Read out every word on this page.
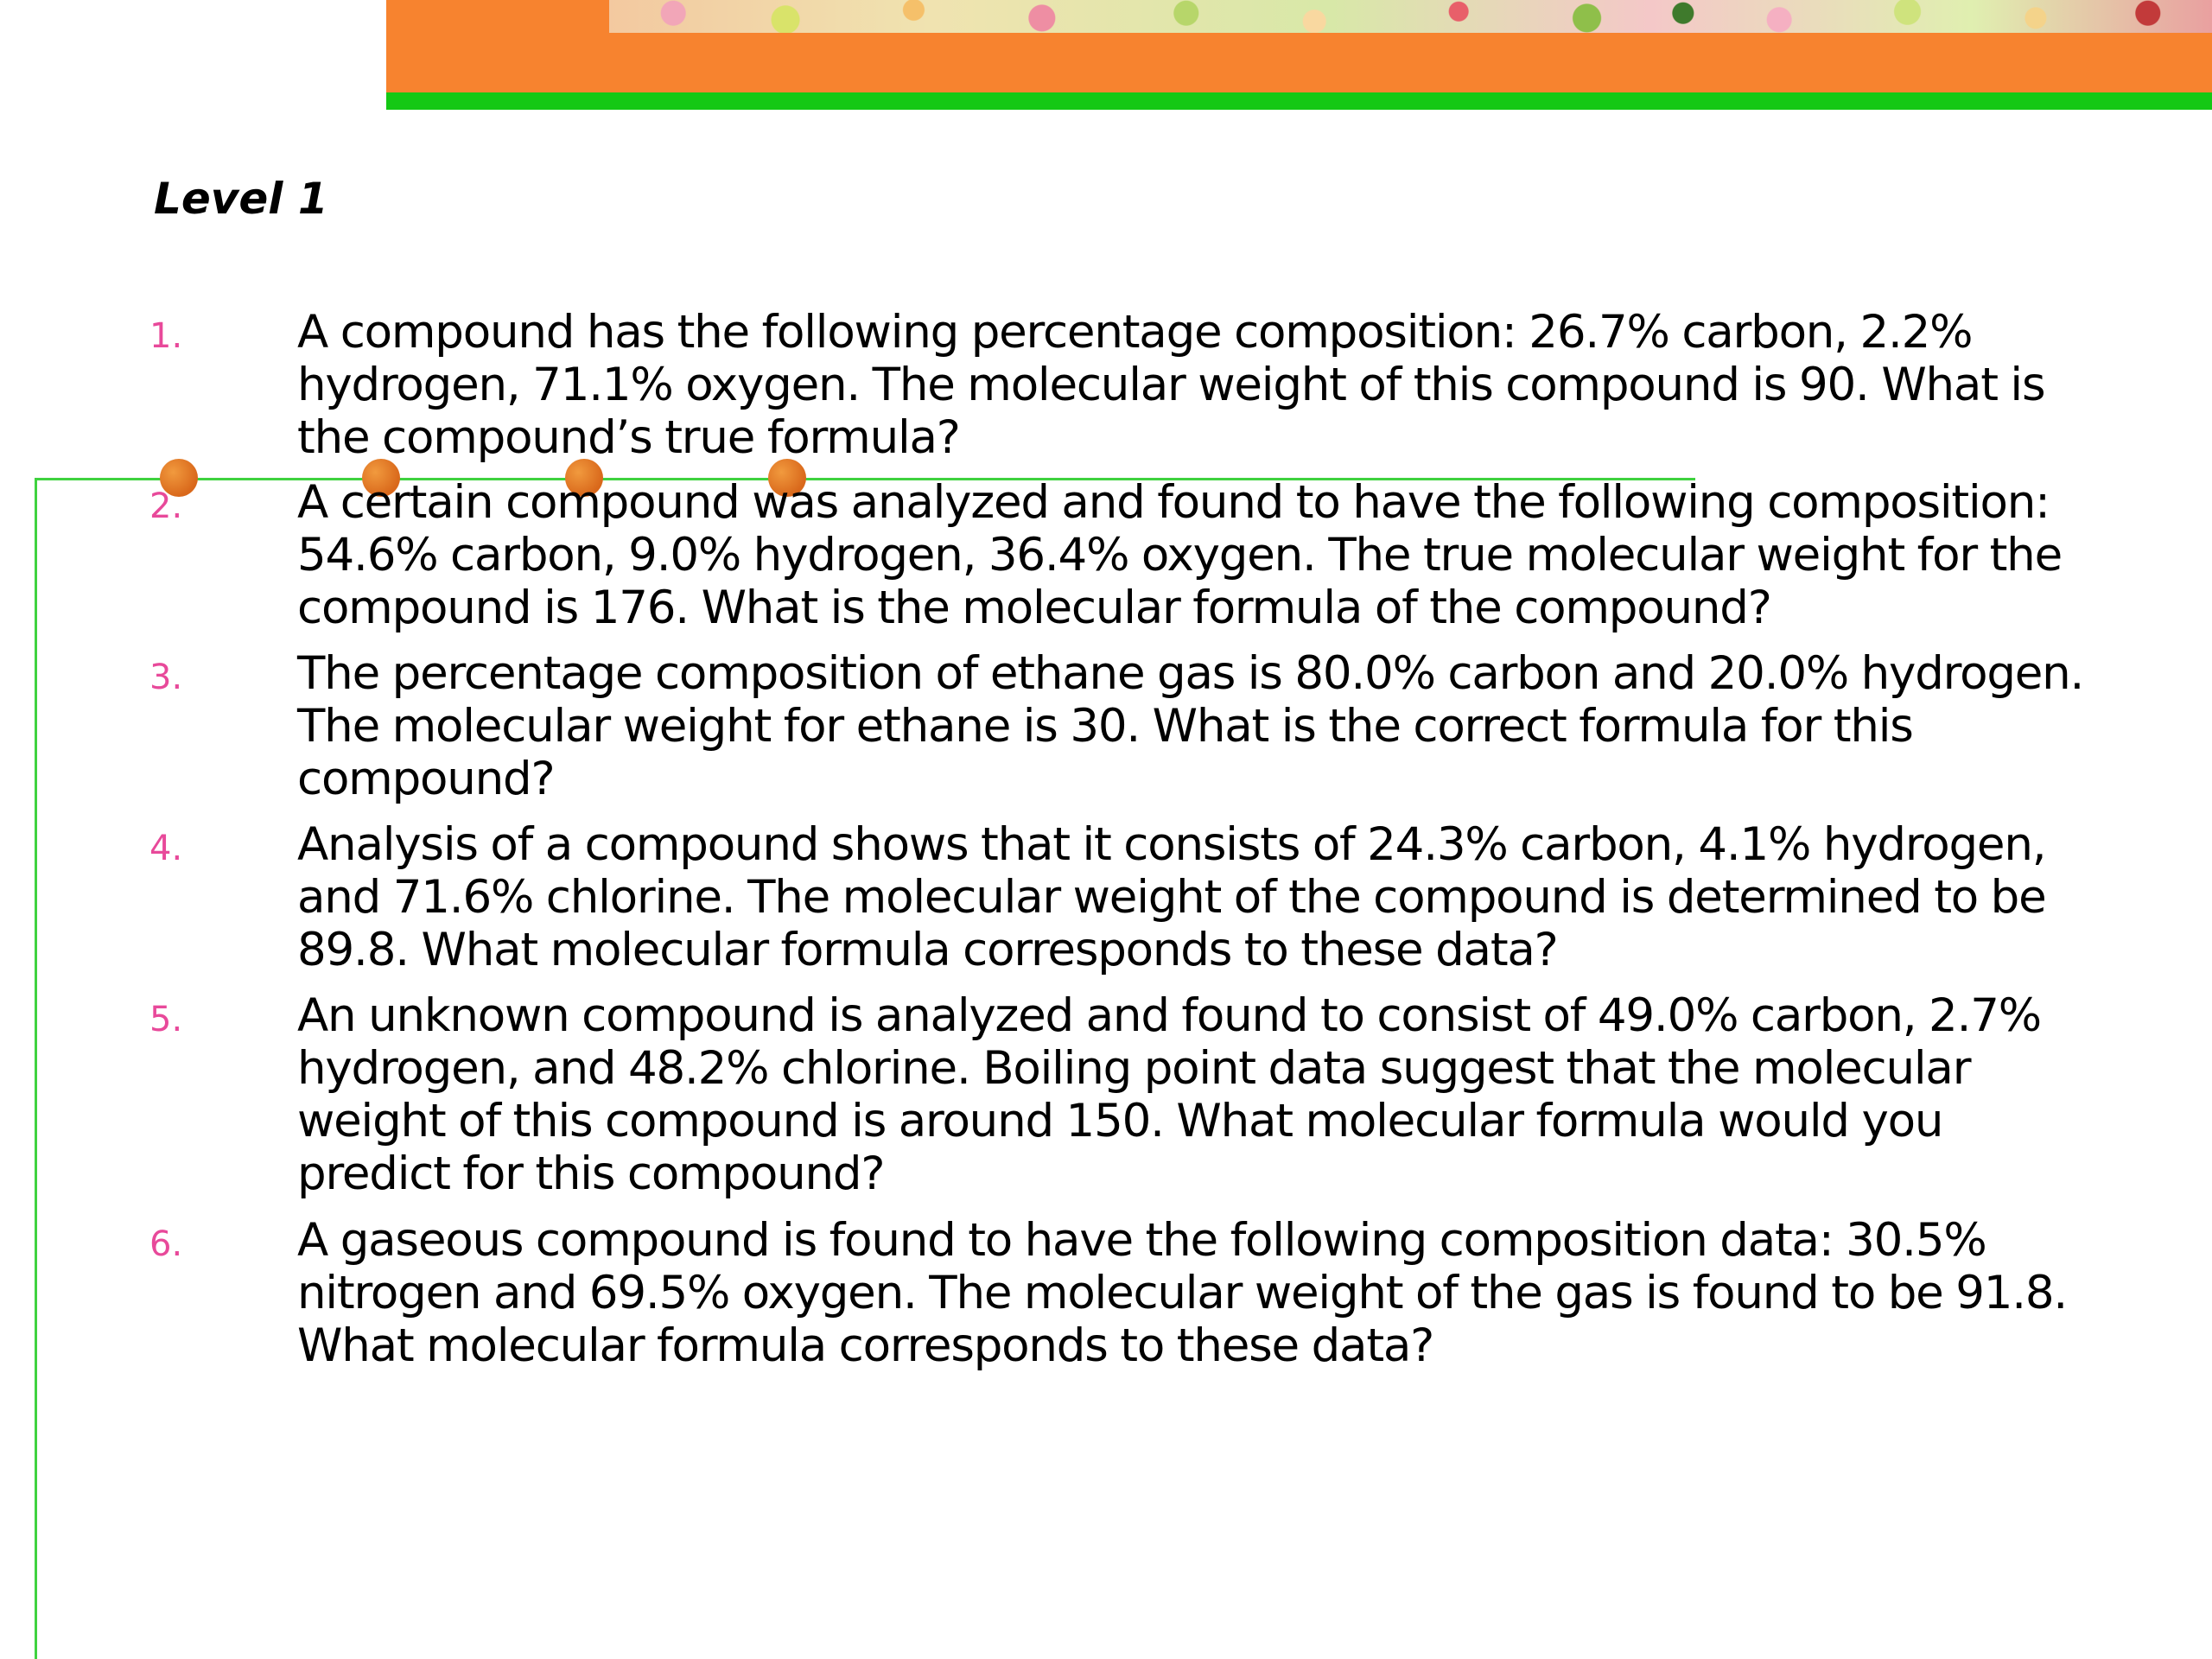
Level 1
1.	A compound has the following percentage composition: 26.7% carbon, 2.2%
hydrogen, 71.1% oxygen. The molecular weight of this compound is 90. What is
the compound’s true formula?

2.	A certain compound was analyzed and found to have the following composition:
54.6% carbon, 9.0% hydrogen, 36.4% oxygen. The true molecular weight for the
compound is 176. What is the molecular formula of the compound?

3.	The percentage composition of ethane gas is 80.0% carbon and 20.0% hydrogen.
The molecular weight for ethane is 30. What is the correct formula for this
compound?

4.	Analysis of a compound shows that it consists of 24.3% carbon, 4.1% hydrogen,
and 71.6% chlorine. The molecular weight of the compound is determined to be
89.8. What molecular formula corresponds to these data?

5.	An unknown compound is analyzed and found to consist of 49.0% carbon, 2.7%
hydrogen, and 48.2% chlorine. Boiling point data suggest that the molecular
weight of this compound is around 150. What molecular formula would you
predict for this compound?

6.	A gaseous compound is found to have the following composition data: 30.5%
nitrogen and 69.5% oxygen. The molecular weight of the gas is found to be 91.8.
What molecular formula corresponds to these data?
